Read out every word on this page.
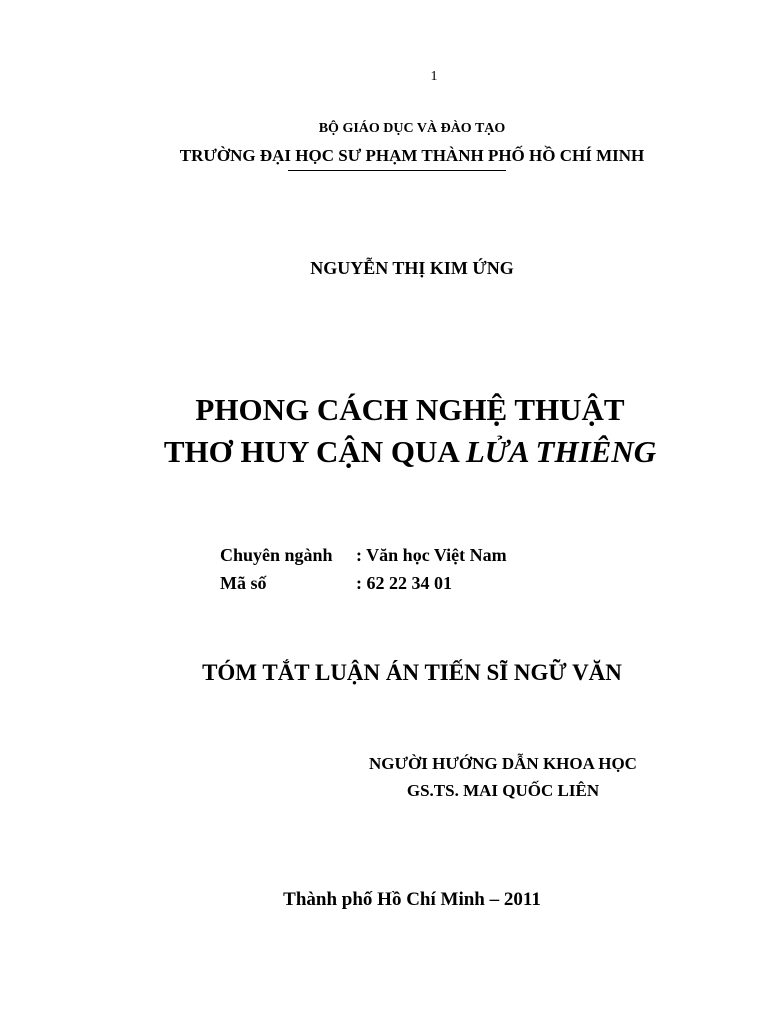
1
BỘ GIÁO DỤC VÀ ĐÀO TẠO
TRƯỜNG ĐẠI HỌC SƯ PHẠM THÀNH PHỐ HỒ CHÍ MINH
NGUYỄN THỊ KIM ỨNG
PHONG CÁCH NGHỆ THUẬT
THƠ HUY CẬN QUA LỬA THIÊNG
Chuyên ngành : Văn học Việt Nam
Mã số	: 62 22 34 01
TÓM TẮT LUẬN ÁN TIẾN SĨ NGỮ VĂN
NGƯỜI HƯỚNG DẪN KHOA HỌC
GS.TS. MAI QUỐC LIÊN
Thành phố Hồ Chí Minh – 2011
